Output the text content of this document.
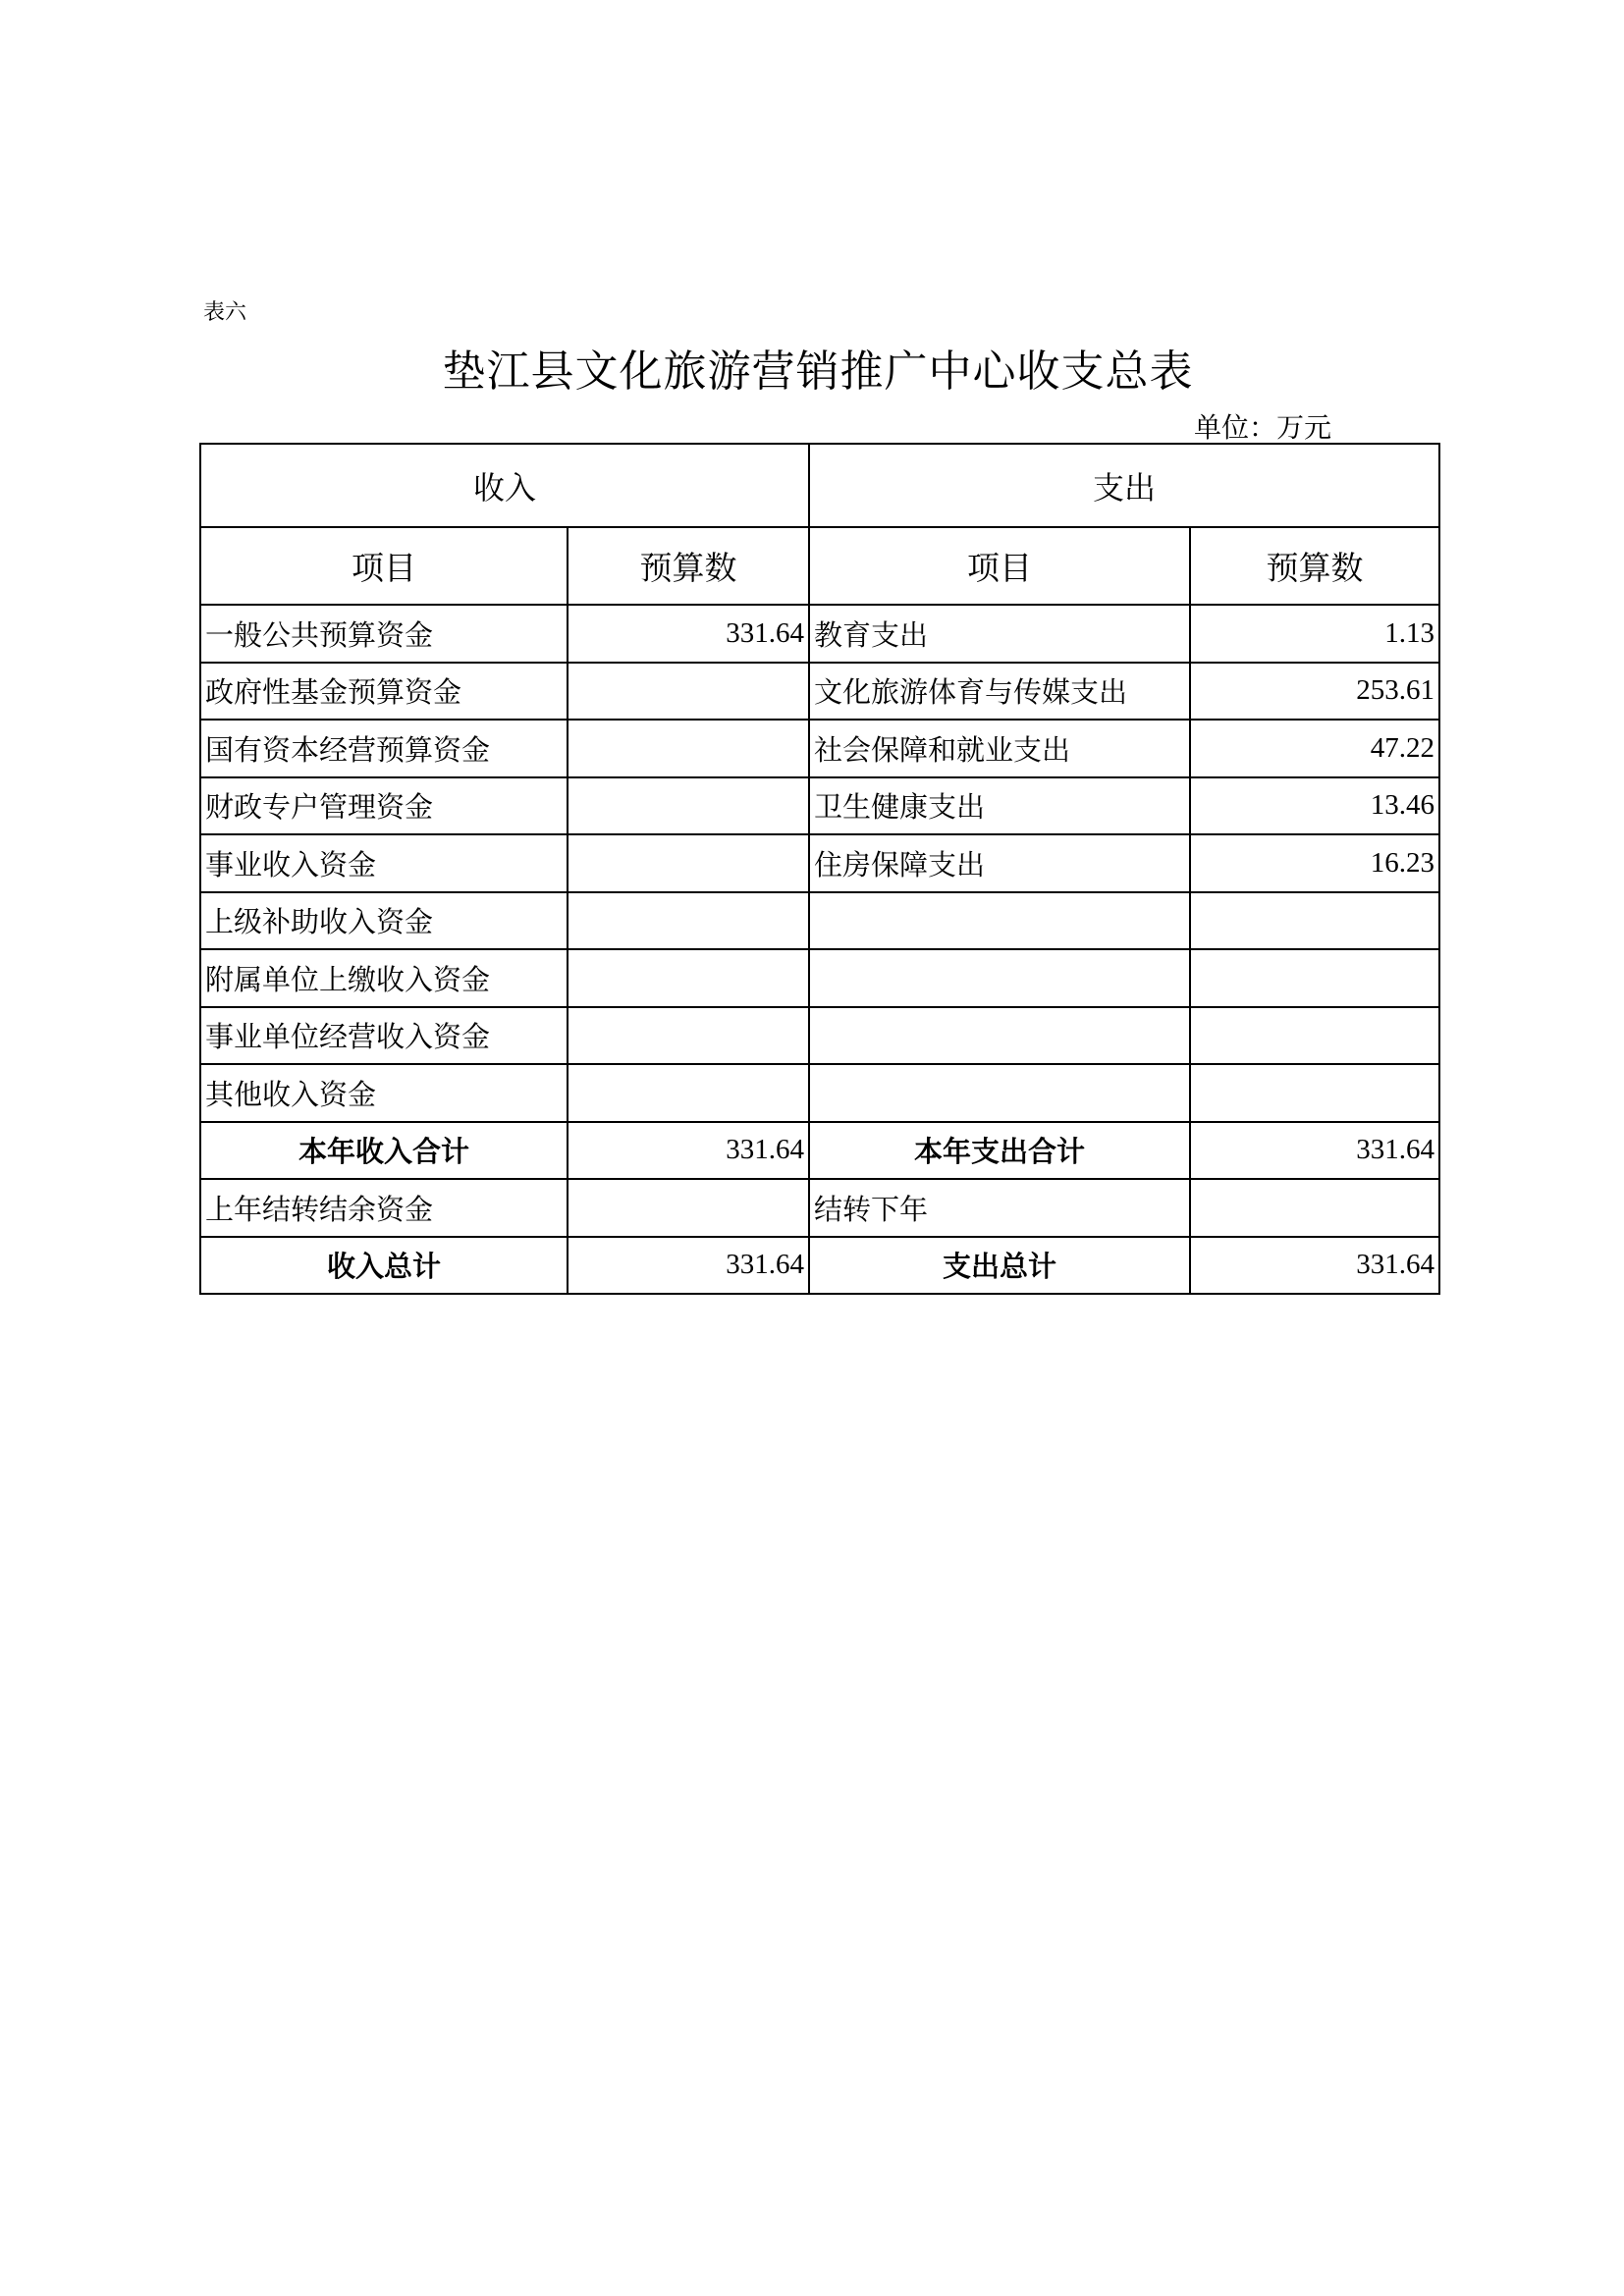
表六
垫江县文化旅游营销推广中心收支总表
单位：万元
收入		支出	
项目	预算数	项目	预算数
一般公共预算资金	331.64	教育支出	1.13
政府性基金预算资金		文化旅游体育与传媒支出	253.61
国有资本经营预算资金		社会保障和就业支出	47.22
财政专户管理资金		卫生健康支出	13.46
事业收入资金		住房保障支出	16.23
上级补助收入资金			
附属单位上缴收入资金			
事业单位经营收入资金			
其他收入资金			
本年收入合计	331.64	本年支出合计	331.64
上年结转结余资金		结转下年	
收入总计	331.64	支出总计	331.64
